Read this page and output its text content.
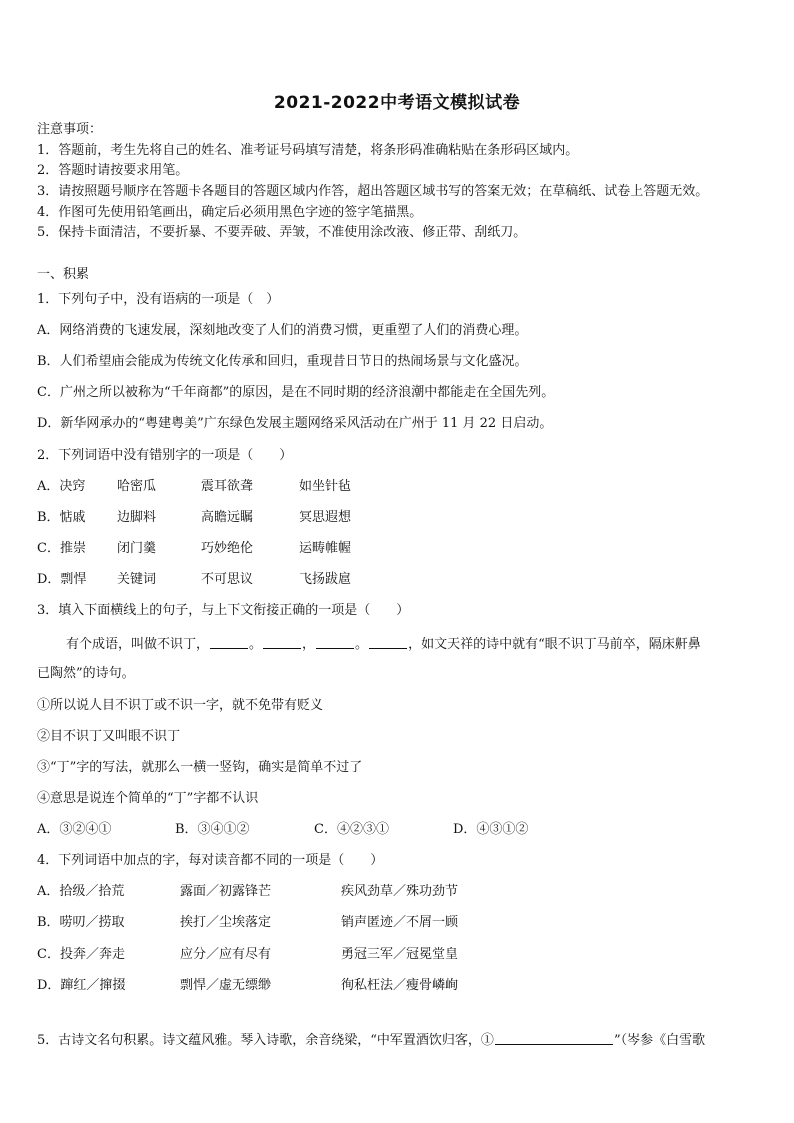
2021-2022中考语文模拟试卷
注意事项：
1．答题前，考生先将自己的姓名、准考证号码填写清楚，将条形码准确粘贴在条形码区域内。
2．答题时请按要求用笔。
3．请按照题号顺序在答题卡各题目的答题区域内作答，超出答题区域书写的答案无效；在草稿纸、试卷上答题无效。
4．作图可先使用铅笔画出，确定后必须用黑色字迹的签字笔描黑。
5．保持卡面清洁，不要折暴、不要弄破、弄皱，不准使用涂改液、修正带、刮纸刀。
一、积累
1．下列句子中，没有语病的一项是（　）
A．网络消费的飞速发展，深刻地改变了人们的消费习惯，更重塑了人们的消费心理。
B．人们希望庙会能成为传统文化传承和回归，重现昔日节日的热闹场景与文化盛况。
C．广州之所以被称为“千年商都”的原因，是在不同时期的经济浪潮中都能走在全国先列。
D．新华网承办的“粤建粤美”广东绿色发展主题网络采风活动在广州于 11 月 22 日启动。
2．下列词语中没有错别字的一项是（　　）
A．决窍 哈密瓜	震耳欲聋	如坐针毡
B．惦戚 边脚料	高瞻远瞩	冥思遐想
C．推崇 闭门羹	巧妙绝伦	运畴帷幄
D．剽悍 关键词	不可思议	飞扬跋扈
3．填入下面横线上的句子，与上下文衔接正确的一项是（　　）
有个成语，叫做不识丁，	。	，	。	，如文天祥的诗中就有“眼不识丁马前卒，隔床鼾鼻
已陶然”的诗句。
①所以说人目不识丁或不识一字，就不免带有贬义
②目不识丁又叫眼不识丁
③“丁”字的写法，就那么一横一竖钩，确实是简单不过了
④意思是说连个简单的“丁”字都不认识
A．③②④①	B．③④①②	C．④②③①	D．④③①②
4．下列词语中加点的字，每对读音都不同的一项是（　　）
A．拾级／拾荒	露面／初露锋芒	疾风劲草／殊功劲节
B．唠叨／捞取	挨打／尘埃落定	销声匿迹／不屑一顾
C．投奔／奔走	应分／应有尽有	勇冠三军／冠冕堂皇
D．蹿红／撺掇	剽悍／虚无缥缈	徇私枉法／瘦骨嶙峋
5．古诗文名句积累。诗文蕴风雅。琴入诗歌，余音绕梁，“中军置酒饮归客，①	”（岑参《白雪歌
